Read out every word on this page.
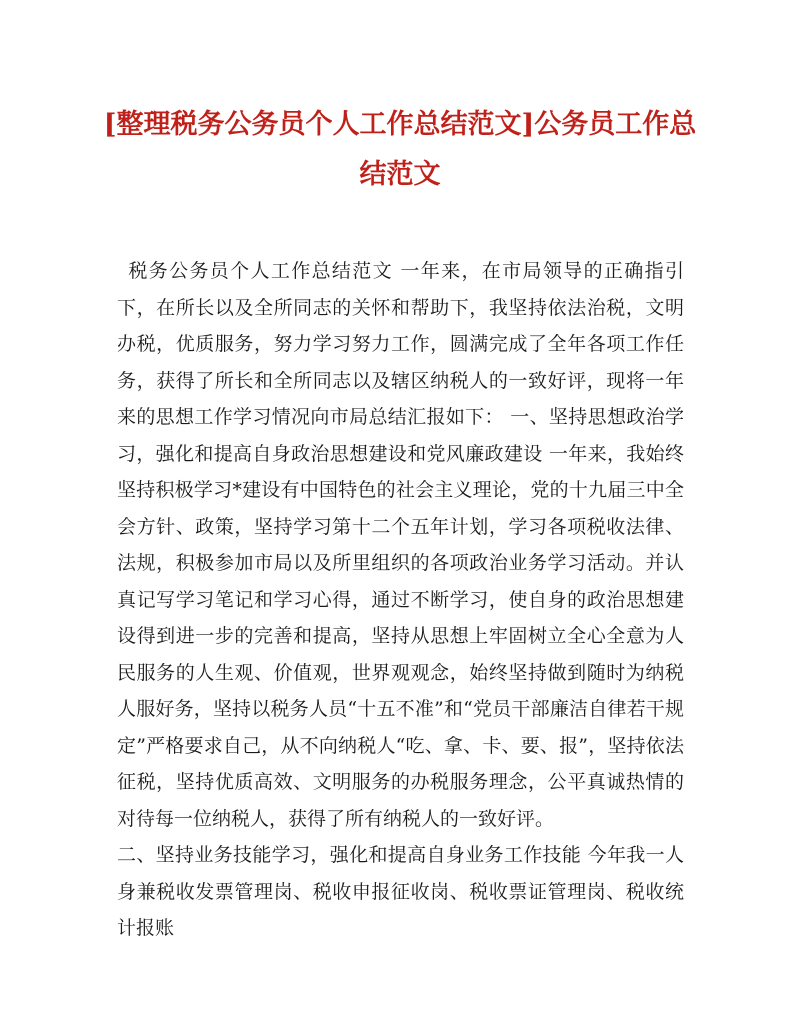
[整理税务公务员个人工作总结范文]公务员工作总结范文

税务公务员个人工作总结范文 一年来，在市局领导的正确指引下，在所长以及全所同志的关怀和帮助下，我坚持依法治税，文明办税，优质服务，努力学习努力工作，圆满完成了全年各项工作任务，获得了所长和全所同志以及辖区纳税人的一致好评，现将一年来的思想工作学习情况向市局总结汇报如下： 一、坚持思想政治学习，强化和提高自身政治思想建设和党风廉政建设 一年来，我始终坚持积极学习*建设有中国特色的社会主义理论，党的十九届三中全会方针、政策，坚持学习第十二个五年计划，学习各项税收法律、法规，积极参加市局以及所里组织的各项政治业务学习活动。并认真记写学习笔记和学习心得，通过不断学习，使自身的政治思想建设得到进一步的完善和提高，坚持从思想上牢固树立全心全意为人民服务的人生观、价值观，世界观观念，始终坚持做到随时为纳税人服好务，坚持以税务人员“十五不准”和“党员干部廉洁自律若干规定”严格要求自己，从不向纳税人“吃、拿、卡、要、报”，坚持依法征税，坚持优质高效、文明服务的办税服务理念，公平真诚热情的对待每一位纳税人，获得了所有纳税人的一致好评。

二、坚持业务技能学习，强化和提高自身业务工作技能 今年我一人身兼税收发票管理岗、税收申报征收岗、税收票证管理岗、税收统计报账
